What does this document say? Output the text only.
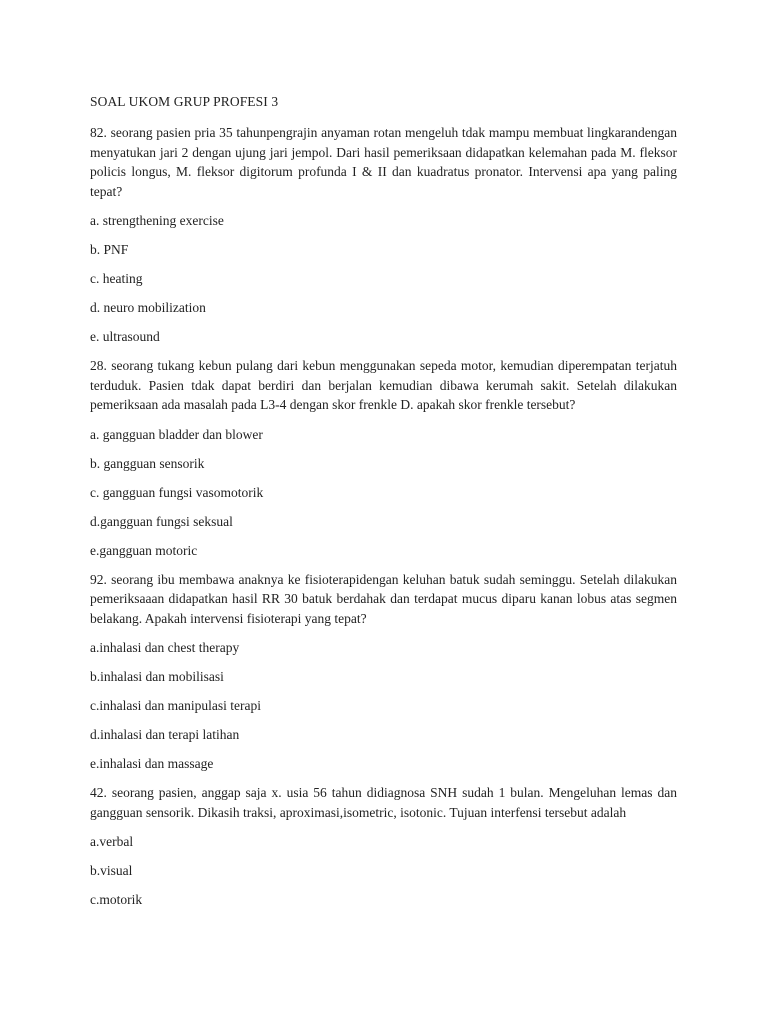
SOAL UKOM GRUP PROFESI 3
82. seorang pasien pria 35 tahunpengrajin anyaman rotan mengeluh tdak mampu membuat lingkarandengan menyatukan jari 2 dengan ujung jari jempol. Dari hasil pemeriksaan didapatkan kelemahan pada M. fleksor policis longus, M. fleksor digitorum profunda I & II dan kuadratus pronator. Intervensi apa yang paling tepat?
a. strengthening exercise
b. PNF
c. heating
d. neuro mobilization
e. ultrasound
28. seorang tukang kebun pulang dari kebun menggunakan sepeda motor, kemudian diperempatan terjatuh terduduk. Pasien tdak dapat berdiri dan berjalan kemudian dibawa kerumah sakit. Setelah dilakukan pemeriksaan ada masalah pada L3-4 dengan skor frenkle D. apakah skor frenkle tersebut?
a. gangguan bladder dan blower
b. gangguan sensorik
c. gangguan fungsi vasomotorik
d.gangguan fungsi seksual
e.gangguan motoric
92. seorang ibu membawa anaknya ke fisioterapidengan keluhan batuk sudah seminggu. Setelah dilakukan pemeriksaaan didapatkan hasil RR 30 batuk berdahak dan terdapat mucus diparu kanan lobus atas segmen belakang. Apakah intervensi fisioterapi yang tepat?
a.inhalasi dan chest therapy
b.inhalasi dan mobilisasi
c.inhalasi dan manipulasi terapi
d.inhalasi dan terapi latihan
e.inhalasi dan massage
42. seorang pasien, anggap saja x. usia 56 tahun didiagnosa SNH sudah 1 bulan. Mengeluhan lemas dan gangguan sensorik. Dikasih traksi, aproximasi,isometric, isotonic. Tujuan interfensi tersebut adalah
a.verbal
b.visual
c.motorik
